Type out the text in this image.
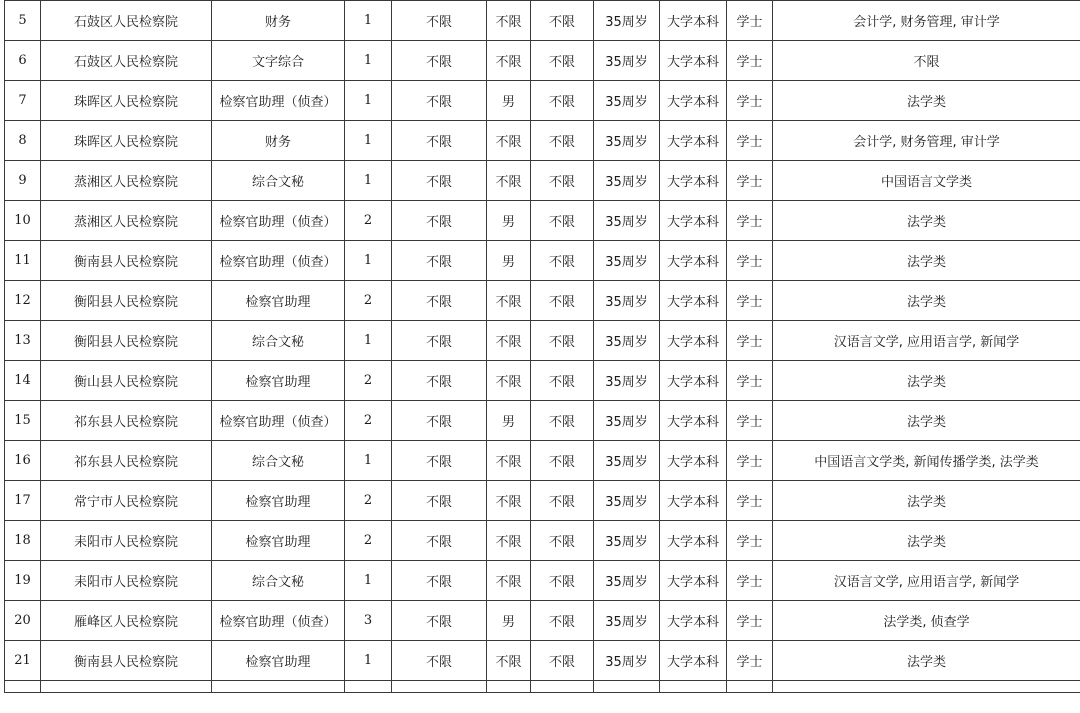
5	石鼓区人民检察院	财务	1	不限	不限	不限	35周岁	大学本科	学士	会计学, 财务管理, 审计学
6	石鼓区人民检察院	文字综合	1	不限	不限	不限	35周岁	大学本科	学士	不限
7	珠晖区人民检察院	检察官助理（侦查）	1	不限	男	不限	35周岁	大学本科	学士	法学类
8	珠晖区人民检察院	财务	1	不限	不限	不限	35周岁	大学本科	学士	会计学, 财务管理, 审计学
9	蒸湘区人民检察院	综合文秘	1	不限	不限	不限	35周岁	大学本科	学士	中国语言文学类
10	蒸湘区人民检察院	检察官助理（侦查）	2	不限	男	不限	35周岁	大学本科	学士	法学类
11	衡南县人民检察院	检察官助理（侦查）	1	不限	男	不限	35周岁	大学本科	学士	法学类
12	衡阳县人民检察院	检察官助理	2	不限	不限	不限	35周岁	大学本科	学士	法学类
13	衡阳县人民检察院	综合文秘	1	不限	不限	不限	35周岁	大学本科	学士	汉语言文学, 应用语言学, 新闻学
14	衡山县人民检察院	检察官助理	2	不限	不限	不限	35周岁	大学本科	学士	法学类
15	祁东县人民检察院	检察官助理（侦查）	2	不限	男	不限	35周岁	大学本科	学士	法学类
16	祁东县人民检察院	综合文秘	1	不限	不限	不限	35周岁	大学本科	学士	中国语言文学类, 新闻传播学类, 法学类
17	常宁市人民检察院	检察官助理	2	不限	不限	不限	35周岁	大学本科	学士	法学类
18	耒阳市人民检察院	检察官助理	2	不限	不限	不限	35周岁	大学本科	学士	法学类
19	耒阳市人民检察院	综合文秘	1	不限	不限	不限	35周岁	大学本科	学士	汉语言文学, 应用语言学, 新闻学
20	雁峰区人民检察院	检察官助理（侦查）	3	不限	男	不限	35周岁	大学本科	学士	法学类, 侦查学
21	衡南县人民检察院	检察官助理	1	不限	不限	不限	35周岁	大学本科	学士	法学类
